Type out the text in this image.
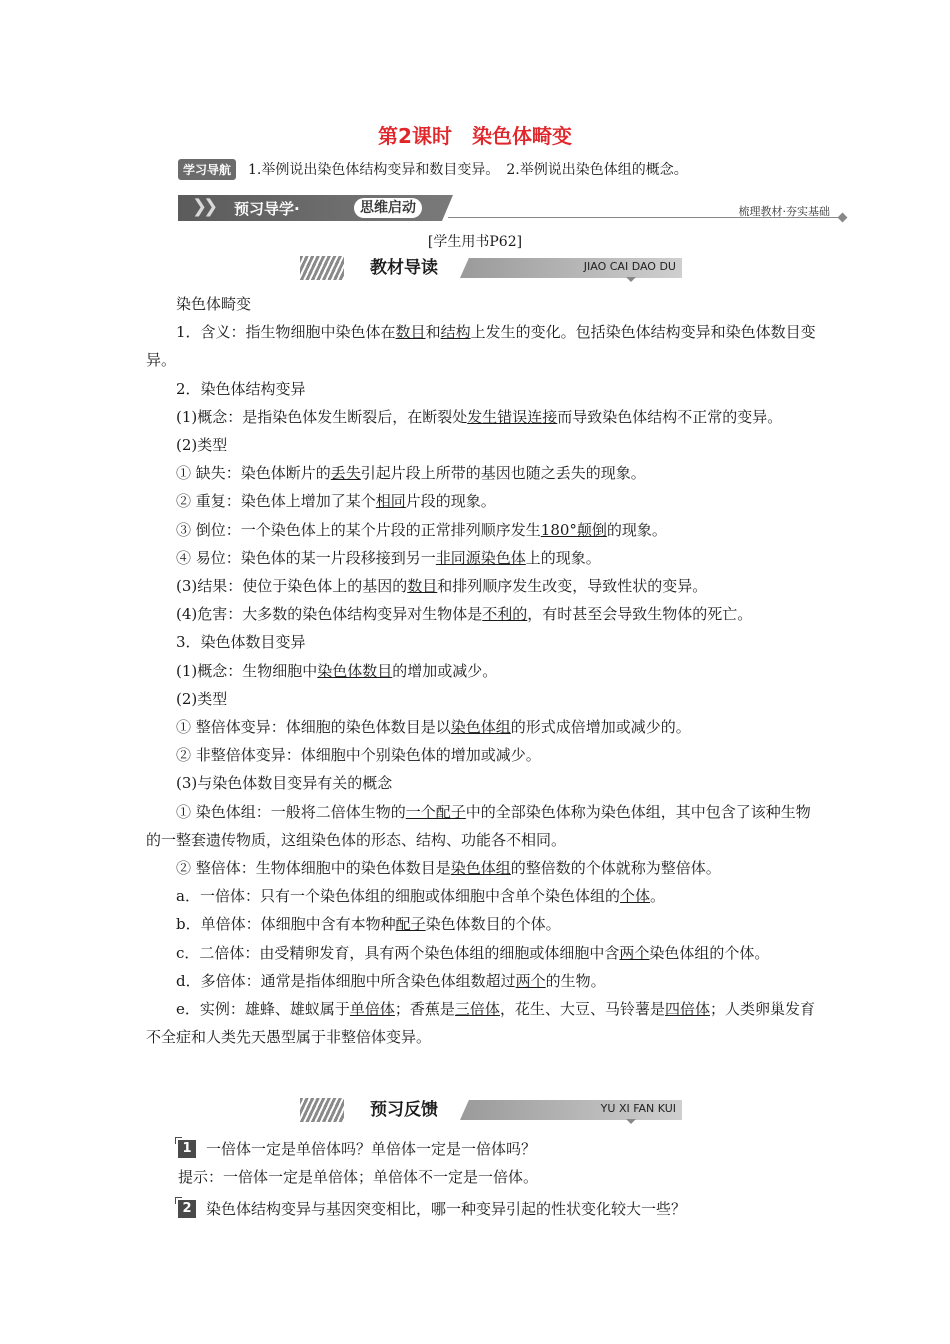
第2课时　染色体畸变
学习导航	1.举例说出染色体结构变异和数目变异。　2.举例说出染色体组的概念。
❯❯ 预习导学·	思维启动	梳理教材·夯实基础
[学生用书P62]
教材导读	JIAO CAI DAO DU

染色体畸变

1．含义：指生物细胞中染色体在数目和结构上发生的变化。包括染色体结构变异和染色体数目变异。

2．染色体结构变异

(1)概念：是指染色体发生断裂后，在断裂处发生错误连接而导致染色体结构不正常的变异。

(2)类型

① 缺失：染色体断片的丢失引起片段上所带的基因也随之丢失的现象。

② 重复：染色体上增加了某个相同片段的现象。

③ 倒位：一个染色体上的某个片段的正常排列顺序发生180°颠倒的现象。

④ 易位：染色体的某一片段移接到另一非同源染色体上的现象。

(3)结果：使位于染色体上的基因的数目和排列顺序发生改变，导致性状的变异。

(4)危害：大多数的染色体结构变异对生物体是不利的，有时甚至会导致生物体的死亡。

3．染色体数目变异

(1)概念：生物细胞中染色体数目的增加或减少。

(2)类型

① 整倍体变异：体细胞的染色体数目是以染色体组的形式成倍增加或减少的。

② 非整倍体变异：体细胞中个别染色体的增加或减少。

(3)与染色体数目变异有关的概念

① 染色体组：一般将二倍体生物的一个配子中的全部染色体称为染色体组，其中包含了该种生物的一整套遗传物质，这组染色体的形态、结构、功能各不相同。

② 整倍体：生物体细胞中的染色体数目是染色体组的整倍数的个体就称为整倍体。

a．一倍体：只有一个染色体组的细胞或体细胞中含单个染色体组的个体。

b．单倍体：体细胞中含有本物种配子染色体数目的个体。

c．二倍体：由受精卵发育，具有两个染色体组的细胞或体细胞中含两个染色体组的个体。

d．多倍体：通常是指体细胞中所含染色体组数超过两个的生物。

e．实例：雄蜂、雄蚁属于单倍体；香蕉是三倍体，花生、大豆、马铃薯是四倍体；人类卵巢发育不全症和人类先天愚型属于非整倍体变异。

预习反馈	YU XI FAN KUI
1 一倍体一定是单倍体吗？单倍体一定是一倍体吗？
提示：一倍体一定是单倍体；单倍体不一定是一倍体。
2 染色体结构变异与基因突变相比，哪一种变异引起的性状变化较大一些？
